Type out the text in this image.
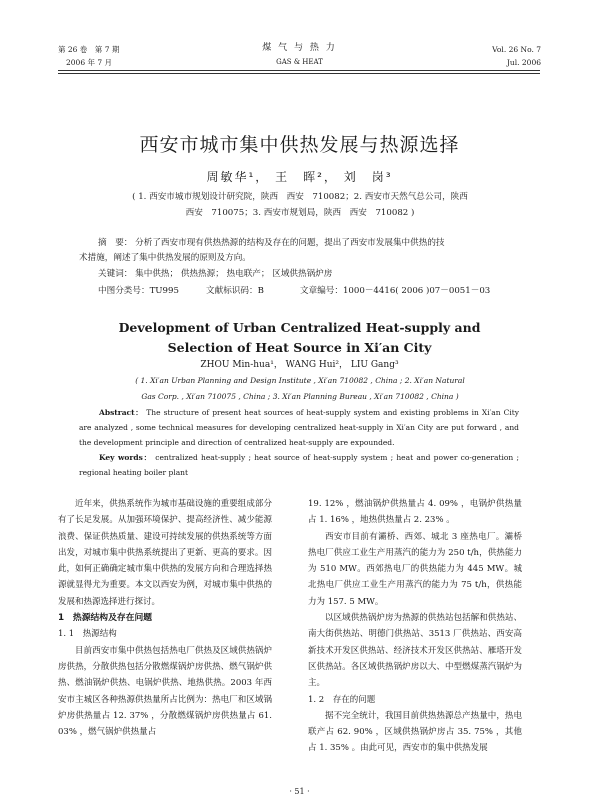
第 26 卷　第 7 期
2006 年 7 月
煤 气 与 热 力
GAS & HEAT
Vol. 26 No. 7
Jul. 2006
西安市城市集中供热发展与热源选择
周敏华¹， 王　晖²， 刘　岗³
( 1. 西安市城市规划设计研究院，陕西　西安　710082；2. 西安市天然气总公司，陕西
西安　710075；3. 西安市规划局，陕西　西安　710082 )
摘　要： 分析了西安市现有供热热源的结构及存在的问题，提出了西安市发展集中供热的技
术措施，阐述了集中供热发展的原则及方向。
关键词： 集中供热； 供热热源； 热电联产； 区域供热锅炉房
中图分类号：TU995	文献标识码：B	文章编号：1000－4416( 2006 )07－0051－03
Development of Urban Centralized Heat-supply and
Selection of Heat Source in Xi′an City
ZHOU Min-hua¹， WANG Hui²， LIU Gang³
( 1. Xi′an Urban Planning and Design Institute , Xi′an 710082 , China ; 2. Xi′an Natural
Gas Corp. , Xi′an 710075 , China ; 3. Xi′an Planning Bureau , Xi′an 710082 , China )
Abstract： The structure of present heat sources of heat-supply system and existing problems in Xi′an City are analyzed , some technical measures for developing centralized heat-supply in Xi′an City are put forward , and the development principle and direction of centralized heat-supply are expounded.
Key words： centralized heat-supply ; heat source of heat-supply system ; heat and power co-generation ; regional heating boiler plant

近年来，供热系统作为城市基础设施的重要组成部分有了长足发展。从加强环境保护、提高经济性、减少能源浪费、保证供热质量、建设可持续发展的供热系统等方面出发，对城市集中供热系统提出了更新、更高的要求。因此，如何正确确定城市集中供热的发展方向和合理选择热源就显得尤为重要。本文以西安为例，对城市集中供热的发展和热源选择进行探讨。

1　热源结构及存在问题
1. 1　热源结构

目前西安市集中供热包括热电厂供热及区域供热锅炉房供热，分散供热包括分散燃煤锅炉房供热、燃气锅炉供热、燃油锅炉供热、电锅炉供热、地热供热。2003 年西安市主城区各种热源供热量所占比例为：热电厂和区域锅炉房供热量占 12. 37% ，分散燃煤锅炉房供热量占 61. 03% ，燃气锅炉供热量占

19. 12% ，燃油锅炉供热量占 4. 09% ，电锅炉供热量占 1. 16% ，地热供热量占 2. 23% 。

西安市目前有灞桥、西郊、城北 3 座热电厂。灞桥热电厂供应工业生产用蒸汽的能力为 250 t/h，供热能力为 510 MW。西郊热电厂的供热能力为 445 MW。城北热电厂供应工业生产用蒸汽的能力为 75 t/h，供热能力为 157. 5 MW。

以区域供热锅炉房为热源的供热站包括解和供热站、南大街供热站、明德门供热站、3513 厂供热站、西安高新技术开发区供热站、经济技术开发区供热站、雁塔开发区供热站。各区域供热锅炉房以大、中型燃煤蒸汽锅炉为主。

1. 2　存在的问题

据不完全统计，我国目前供热热源总产热量中，热电联产占 62. 90% ，区域供热锅炉房占 35. 75% ，其他占 1. 35% 。由此可见，西安市的集中供热发展

· 51 ·
